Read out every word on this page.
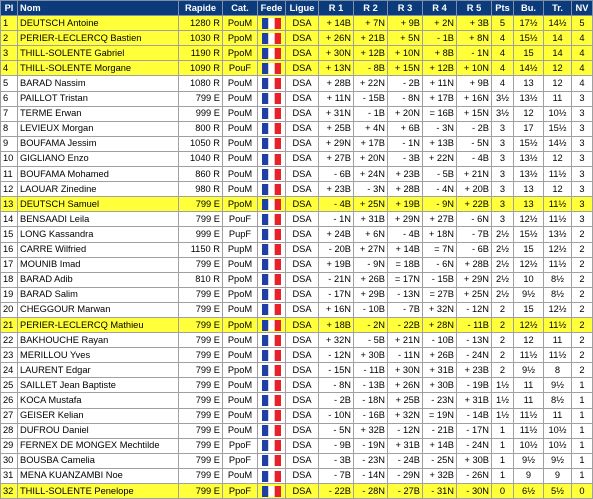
Pl	Nom	Rapide	Cat.	Fede	Ligue	R 1	R 2	R 3	R 4	R 5	Pts	Bu.	Tr.	NV
1	DEUTSCH Antoine	1280 R	PouM		DSA	+ 14B	+ 7N	+ 9B	+ 2N	+ 3B	5	17½	14½	5
2	PERIER-LECLERCQ Bastien	1030 R	PpoM		DSA	+ 26N	+ 21B	+ 5N	- 1B	+ 8N	4	15½	14	4
3	THILL-SOLENTE Gabriel	1190 R	PpoM		DSA	+ 30N	+ 12B	+ 10N	+ 8B	- 1N	4	15	14	4
4	THILL-SOLENTE Morgane	1090 R	PouF		DSA	+ 13N	- 8B	+ 15N	+ 12B	+ 10N	4	14½	12	4
5	BARAD Nassim	1080 R	PouM		DSA	+ 28B	+ 22N	- 2B	+ 11N	+ 9B	4	13	12	4
6	PAILLOT Tristan	799 E	PouM		DSA	+ 11N	- 15B	- 8N	+ 17B	+ 16N	3½	13½	11	3
7	TERME Erwan	999 E	PouM		DSA	+ 31N	- 1B	+ 20N	= 16B	+ 15N	3½	12	10½	3
8	LEVIEUX Morgan	800 R	PouM		DSA	+ 25B	+ 4N	+ 6B	- 3N	- 2B	3	17	15½	3
9	BOUFAMA Jessim	1050 R	PouM		DSA	+ 29N	+ 17B	- 1N	+ 13B	- 5N	3	15½	14½	3
10	GIGLIANO Enzo	1040 R	PouM		DSA	+ 27B	+ 20N	- 3B	+ 22N	- 4B	3	13½	12	3
11	BOUFAMA Mohamed	860 R	PouM		DSA	- 6B	+ 24N	+ 23B	- 5B	+ 21N	3	13½	11½	3
12	LAOUAR Zinedine	980 R	PouM		DSA	+ 23B	- 3N	+ 28B	- 4N	+ 20B	3	13	12	3
13	DEUTSCH Samuel	799 E	PpoM		DSA	- 4B	+ 25N	+ 19B	- 9N	+ 22B	3	13	11½	3
14	BENSAADI Leila	799 E	PouF		DSA	- 1N	+ 31B	+ 29N	+ 27B	- 6N	3	12½	11½	3
15	LONG Kassandra	999 E	PupF		DSA	+ 24B	+ 6N	- 4B	+ 18N	- 7B	2½	15½	13½	2
16	CARRE Wilfried	1150 R	PupM		DSA	- 20B	+ 27N	+ 14B	= 7N	- 6B	2½	15	12½	2
17	MOUNIB Imad	799 E	PouM		DSA	+ 19B	- 9N	= 18B	- 6N	+ 28B	2½	12½	11½	2
18	BARAD Adib	810 R	PpoM		DSA	- 21N	+ 26B	= 17N	- 15B	+ 29N	2½	10	8½	2
19	BARAD Salim	799 E	PpoM		DSA	- 17N	+ 29B	- 13N	= 27B	+ 25N	2½	9½	8½	2
20	CHEGGOUR Marwan	799 E	PouM		DSA	+ 16N	- 10B	- 7B	+ 32N	- 12N	2	15	12½	2
21	PERIER-LECLERCQ Mathieu	799 E	PpoM		DSA	+ 18B	- 2N	- 22B	+ 28N	- 11B	2	12½	11½	2
22	BAKHOUCHE Rayan	799 E	PouM		DSA	+ 32N	- 5B	+ 21N	- 10B	- 13N	2	12	11	2
23	MERILLOU Yves	799 E	PouM		DSA	- 12N	+ 30B	- 11N	+ 26B	- 24N	2	11½	11½	2
24	LAURENT Edgar	799 E	PpoM		DSA	- 15N	- 11B	+ 30N	+ 31B	+ 23B	2	9½	8	2
25	SAILLET Jean Baptiste	799 E	PouM		DSA	- 8N	- 13B	+ 26N	+ 30B	- 19B	1½	11	9½	1
26	KOCA Mustafa	799 E	PouM		DSA	- 2B	- 18N	+ 25B	- 23N	+ 31B	1½	11	8½	1
27	GEISER Kelian	799 E	PouM		DSA	- 10N	- 16B	+ 32N	= 19N	- 14B	1½	11½	11	1
28	DUFROU Daniel	799 E	PouM		DSA	- 5N	+ 32B	- 12N	- 21B	- 17N	1	11½	10½	1
29	FERNEX DE MONGEX Mechtilde	799 E	PpoF		DSA	- 9B	- 19N	+ 31B	+ 14B	- 24N	1	10½	10½	1
30	BOUSBA Camelia	799 E	PpoF		DSA	- 3B	- 23N	- 24B	- 25N	+ 30B	1	9½	9½	1
31	MENA KUANZAMBI Noe	799 E	PouM		DSA	- 7B	- 14N	- 29N	+ 32B	- 26N	1	9	9	1
32	THILL-SOLENTE Penelope	799 E	PpoF		DSA	- 22B	- 28N	- 27B	- 31N	- 30N	0	6½	5½	0
